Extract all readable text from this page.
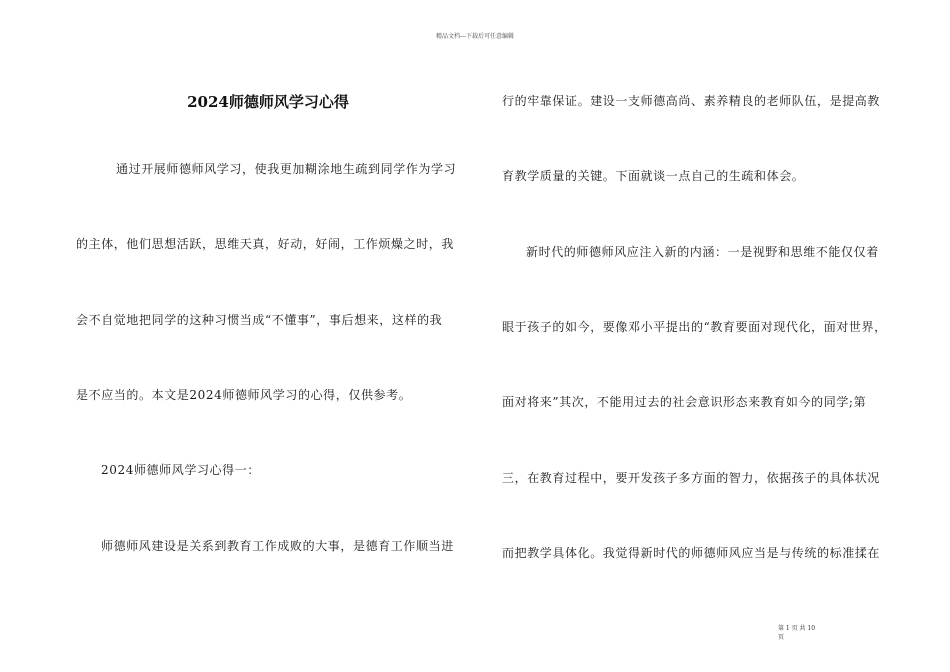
精品文档---下载后可任意编辑
2024师德师风学习心得
通过开展师德师风学习，使我更加糊涂地生疏到同学作为学习
的主体，他们思想活跃，思维天真，好动，好闹，工作烦燥之时，我
会不自觉地把同学的这种习惯当成“不懂事”，事后想来，这样的我
是不应当的。本文是2024师德师风学习的心得，仅供参考。
2024师德师风学习心得一：
师德师风建设是关系到教育工作成败的大事，是德育工作顺当进
行的牢靠保证。建设一支师德高尚、素养精良的老师队伍，是提高教
育教学质量的关键。下面就谈一点自己的生疏和体会。
新时代的师德师风应注入新的内涵：一是视野和思维不能仅仅着
眼于孩子的如今，要像邓小平提出的“教育要面对现代化，面对世界，
面对将来”其次，不能用过去的社会意识形态来教育如今的同学;第
三，在教育过程中，要开发孩子多方面的智力，依据孩子的具体状况
而把教学具体化。我觉得新时代的师德师风应当是与传统的标准揉在
第 1 页 共 10
页
